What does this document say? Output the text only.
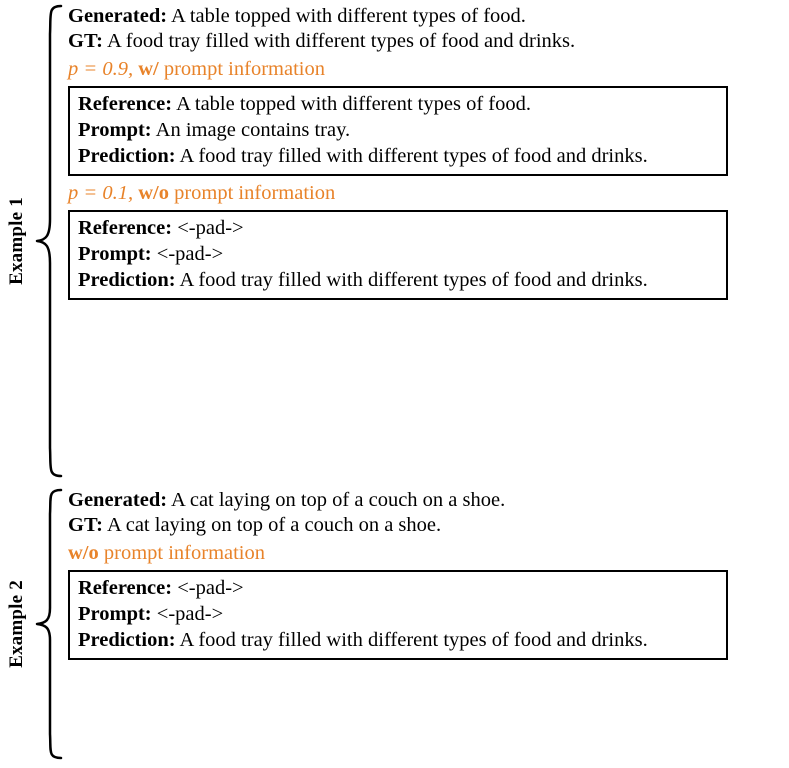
Example 1

Generated: A table topped with different types of food.

GT: A food tray filled with different types of food and drinks.

p = 0.9, w/ prompt information

Reference: A table topped with different types of food.

Prompt: An image contains tray.

Prediction: A food tray filled with different types of food and drinks.

p = 0.1, w/o prompt information

Reference: <-pad->

Prompt: <-pad->

Prediction: A food tray filled with different types of food and drinks.

Example 2

Generated: A cat laying on top of a couch on a shoe.

GT: A cat laying on top of a couch on a shoe.

w/o prompt information

Reference: <-pad->

Prompt: <-pad->

Prediction: A food tray filled with different types of food and drinks.
